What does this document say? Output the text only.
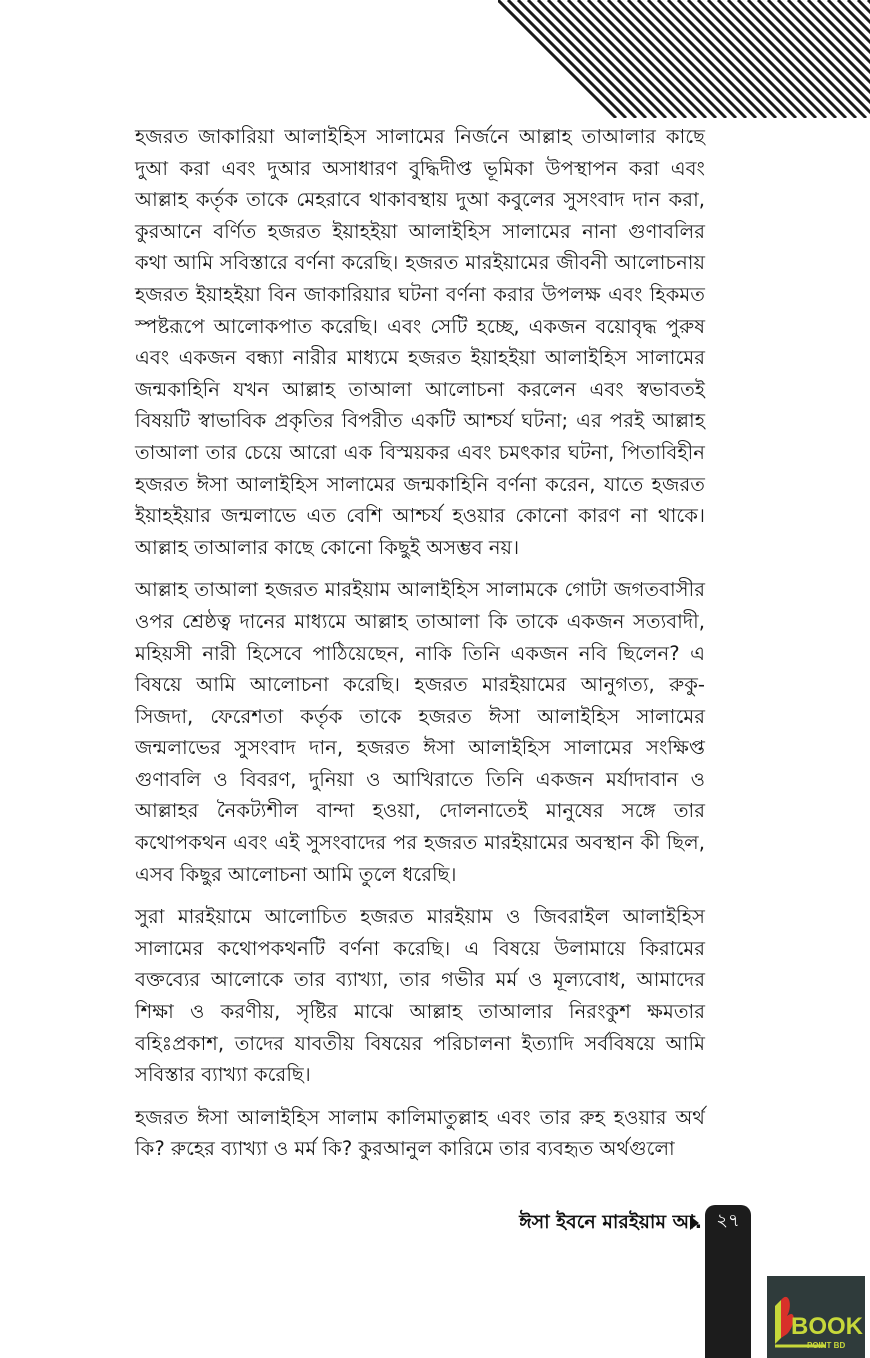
হজরত জাকারিয়া আলাইহিস সালামের নির্জনে আল্লাহ তাআলার কাছে দুআ করা এবং দুআর অসাধারণ বুদ্ধিদীপ্ত ভূমিকা উপস্থাপন করা এবং আল্লাহ কর্তৃক তাকে মেহরাবে থাকাবস্থায় দুআ কবুলের সুসংবাদ দান করা, কুরআনে বর্ণিত হজরত ইয়াহইয়া আলাইহিস সালামের নানা গুণাবলির কথা আমি সবিস্তারে বর্ণনা করেছি। হজরত মারইয়ামের জীবনী আলোচনায় হজরত ইয়াহইয়া বিন জাকারিয়ার ঘটনা বর্ণনা করার উপলক্ষ এবং হিকমত স্পষ্টরূপে আলোকপাত করেছি। এবং সেটি হচ্ছে, একজন বয়োবৃদ্ধ পুরুষ এবং একজন বন্ধ্যা নারীর মাধ্যমে হজরত ইয়াহইয়া আলাইহিস সালামের জন্মকাহিনি যখন আল্লাহ তাআলা আলোচনা করলেন এবং স্বভাবতই বিষয়টি স্বাভাবিক প্রকৃতির বিপরীত একটি আশ্চর্য ঘটনা; এর পরই আল্লাহ তাআলা তার চেয়ে আরো এক বিস্ময়কর এবং চমৎকার ঘটনা, পিতাবিহীন হজরত ঈসা আলাইহিস সালামের জন্মকাহিনি বর্ণনা করেন, যাতে হজরত ইয়াহইয়ার জন্মলাভে এত বেশি আশ্চর্য হওয়ার কোনো কারণ না থাকে। আল্লাহ তাআলার কাছে কোনো কিছুই অসম্ভব নয়।

আল্লাহ তাআলা হজরত মারইয়াম আলাইহিস সালামকে গোটা জগতবাসীর ওপর শ্রেষ্ঠত্ব দানের মাধ্যমে আল্লাহ তাআলা কি তাকে একজন সত্যবাদী, মহিয়সী নারী হিসেবে পাঠিয়েছেন, নাকি তিনি একজন নবি ছিলেন? এ বিষয়ে আমি আলোচনা করেছি। হজরত মারইয়ামের আনুগত্য, রুকু-সিজদা, ফেরেশতা কর্তৃক তাকে হজরত ঈসা আলাইহিস সালামের জন্মলাভের সুসংবাদ দান, হজরত ঈসা আলাইহিস সালামের সংক্ষিপ্ত গুণাবলি ও বিবরণ, দুনিয়া ও আখিরাতে তিনি একজন মর্যাদাবান ও আল্লাহর নৈকট্যশীল বান্দা হওয়া, দোলনাতেই মানুষের সঙ্গে তার কথোপকথন এবং এই সুসংবাদের পর হজরত মারইয়ামের অবস্থান কী ছিল, এসব কিছুর আলোচনা আমি তুলে ধরেছি।

সুরা মারইয়ামে আলোচিত হজরত মারইয়াম ও জিবরাইল আলাইহিস সালামের কথোপকথনটি বর্ণনা করেছি। এ বিষয়ে উলামায়ে কিরামের বক্তব্যের আলোকে তার ব্যাখ্যা, তার গভীর মর্ম ও মূল্যবোধ, আমাদের শিক্ষা ও করণীয়, সৃষ্টির মাঝে আল্লাহ তাআলার নিরংকুশ ক্ষমতার বহিঃপ্রকাশ, তাদের যাবতীয় বিষয়ের পরিচালনা ইত্যাদি সর্ববিষয়ে আমি সবিস্তার ব্যাখ্যা করেছি।

হজরত ঈসা আলাইহিস সালাম কালিমাতুল্লাহ এবং তার রুহ হওয়ার অর্থ কি? রুহের ব্যাখ্যা ও মর্ম কি? কুরআনুল কারিমে তার ব্যবহৃত অর্থগুলো

ঈসা ইবনে মারইয়াম আ. ২৭
BOOK
POINT BD
